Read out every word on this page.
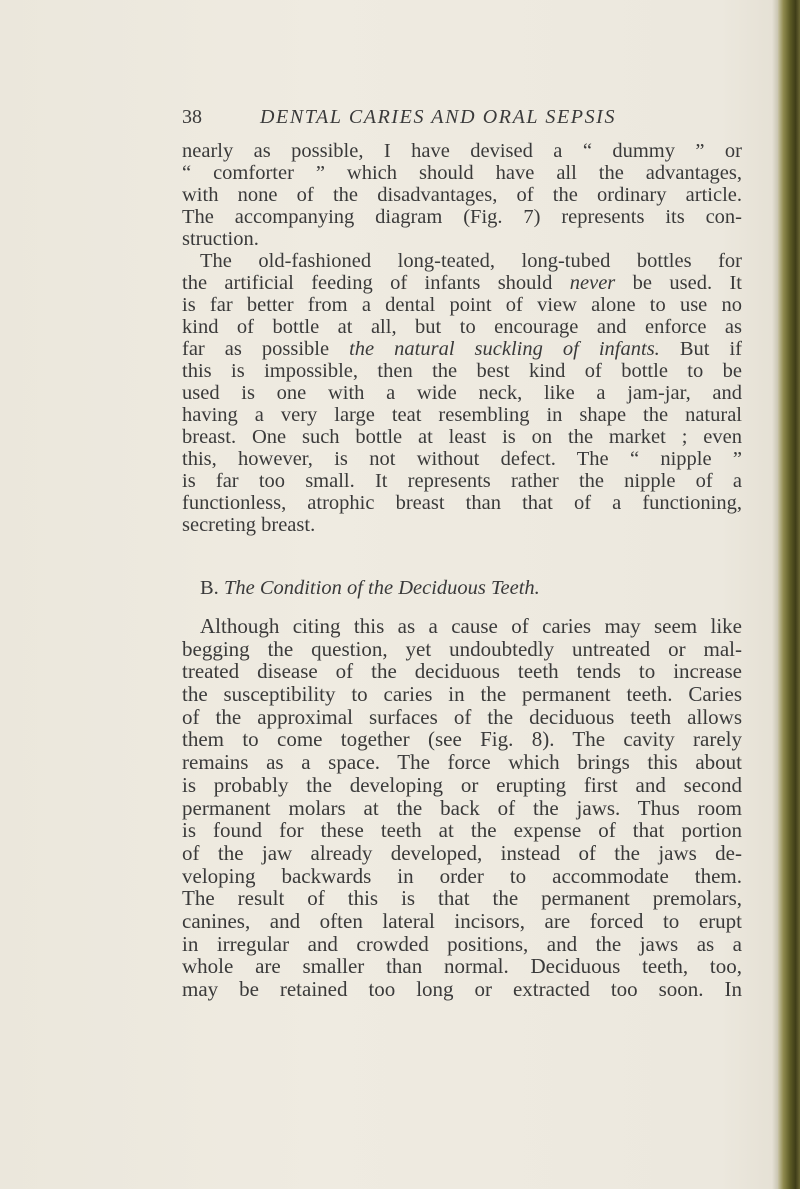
38	DENTAL CARIES AND ORAL SEPSIS
nearly as possible, I have devised a “ dummy ” or
“ comforter ” which should have all the advantages,
with none of the disadvantages, of the ordinary article.
The accompanying diagram (Fig. 7) represents its con-
struction.
The old-fashioned long-teated, long-tubed bottles for
the artificial feeding of infants should never be used. It
is far better from a dental point of view alone to use no
kind of bottle at all, but to encourage and enforce as
far as possible the natural suckling of infants. But if
this is impossible, then the best kind of bottle to be
used is one with a wide neck, like a jam-jar, and
having a very large teat resembling in shape the natural
breast. One such bottle at least is on the market ; even
this, however, is not without defect. The “ nipple ”
is far too small. It represents rather the nipple of a
functionless, atrophic breast than that of a functioning,
secreting breast.
B. The Condition of the Deciduous Teeth.
Although citing this as a cause of caries may seem like
begging the question, yet undoubtedly untreated or mal-
treated disease of the deciduous teeth tends to increase
the susceptibility to caries in the permanent teeth. Caries
of the approximal surfaces of the deciduous teeth allows
them to come together (see Fig. 8). The cavity rarely
remains as a space. The force which brings this about
is probably the developing or erupting first and second
permanent molars at the back of the jaws. Thus room
is found for these teeth at the expense of that portion
of the jaw already developed, instead of the jaws de-
veloping backwards in order to accommodate them.
The result of this is that the permanent premolars,
canines, and often lateral incisors, are forced to erupt
in irregular and crowded positions, and the jaws as a
whole are smaller than normal. Deciduous teeth, too,
may be retained too long or extracted too soon. In
